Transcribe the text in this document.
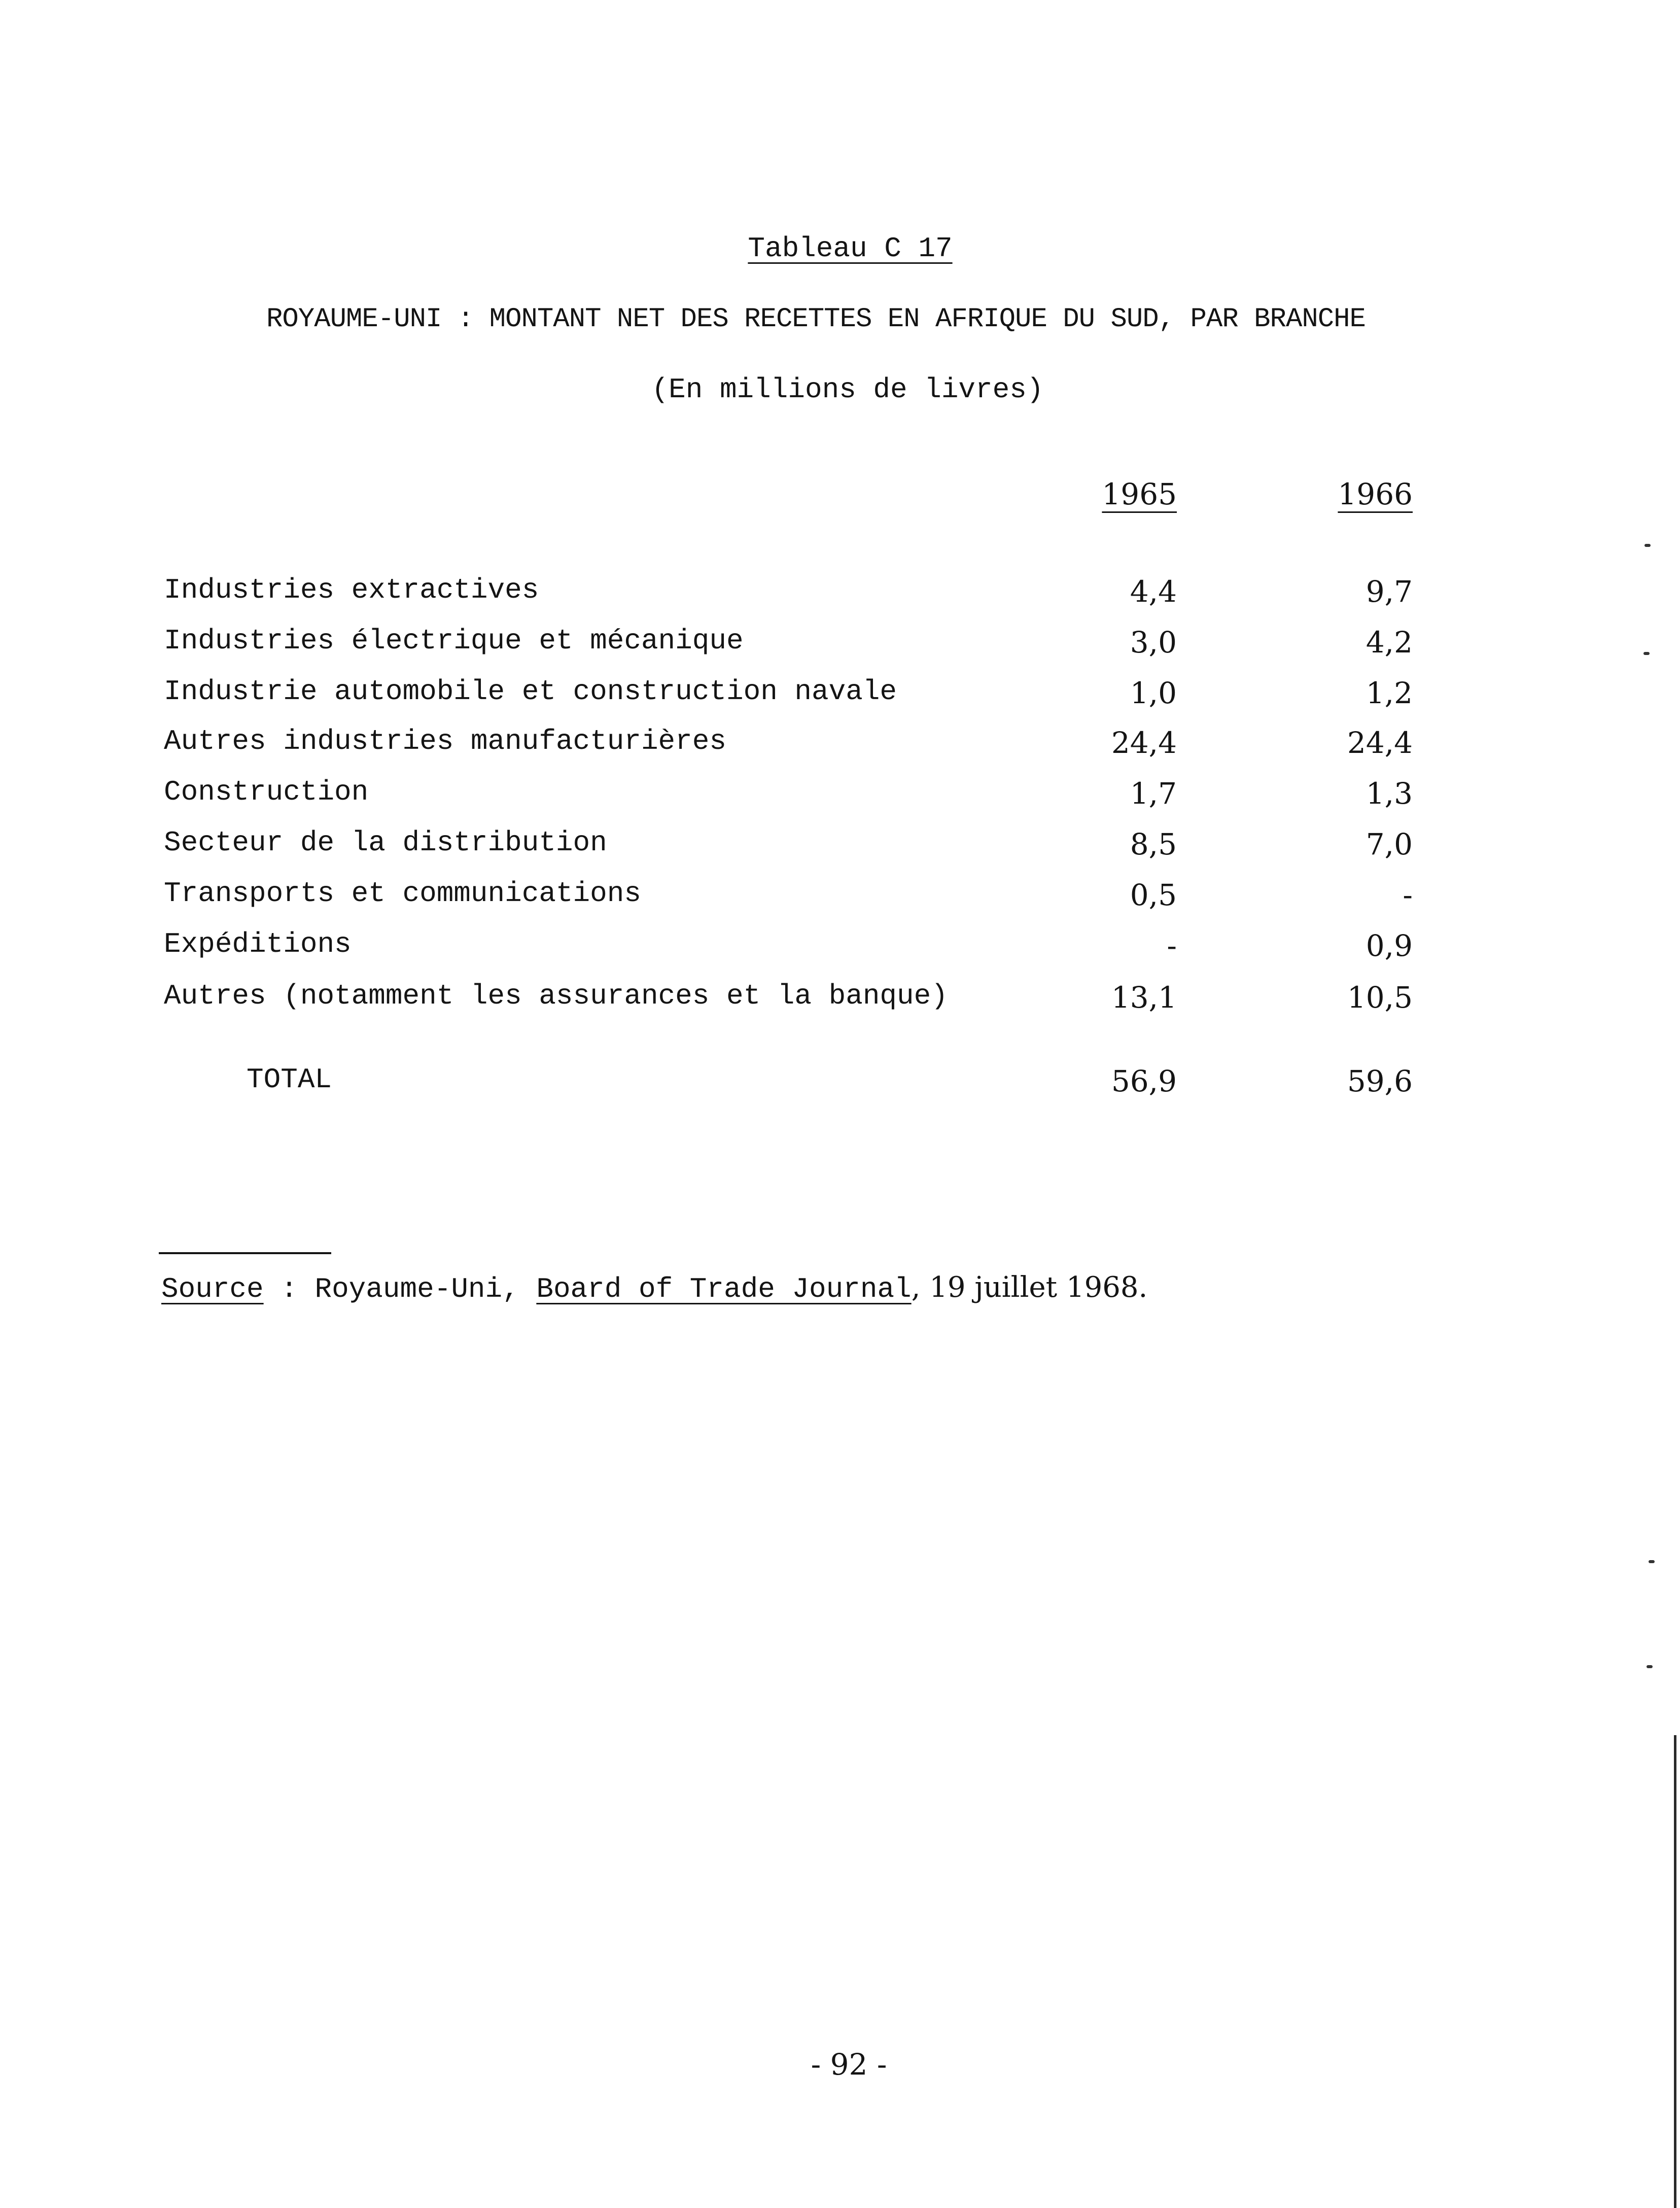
Tableau C 17
ROYAUME-UNI : MONTANT NET DES RECETTES EN AFRIQUE DU SUD, PAR BRANCHE
(En millions de livres)
1965	1966
Industries extractives	4,4	9,7
Industries électrique et mécanique	3,0	4,2
Industrie automobile et construction navale	1,0	1,2
Autres industries manufacturières	24,4	24,4
Construction	1,7	1,3
Secteur de la distribution	8,5	7,0
Transports et communications	0,5	-
Expéditions	-	0,9
Autres (notamment les assurances et la banque)	13,1	10,5
TOTAL	56,9	59,6
Source : Royaume-Uni, Board of Trade Journal, 19 juillet 1968.
- 92 -
